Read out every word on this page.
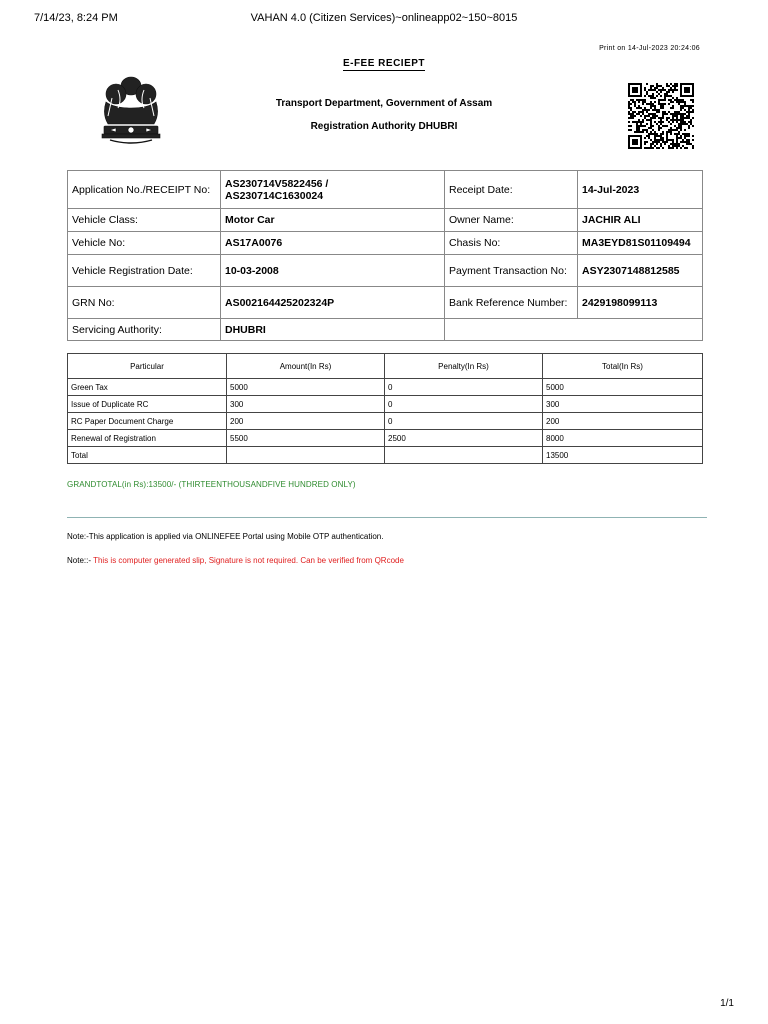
7/14/23, 8:24 PM	VAHAN 4.0 (Citizen Services)~onlineapp02~150~8015
Print on 14-Jul-2023 20:24:06
E-FEE RECIEPT
Transport Department, Government of Assam
Registration Authority DHUBRI
Application No./RECEIPT No:	AS230714V5822456 /
AS230714C1630024	Receipt Date:	14-Jul-2023
Vehicle Class:	Motor Car	Owner Name:	JACHIR ALI
Vehicle No:	AS17A0076	Chasis No:	MA3EYD81S01109494
Vehicle Registration Date:	10-03-2008	Payment Transaction No:	ASY2307148812585
GRN No:	AS002164425202324P	Bank Reference Number:	2429198099113
Servicing Authority:	DHUBRI		
Particular	Amount(In Rs)	Penalty(In Rs)	Total(In Rs)
Green Tax	5000	0	5000
Issue of Duplicate RC	300	0	300
RC Paper Document Charge	200	0	200
Renewal of Registration	5500	2500	8000
Total			13500
GRANDTOTAL(in Rs):13500/- (THIRTEENTHOUSANDFIVE HUNDRED ONLY)
Note:-This application is applied via ONLINEFEE Portal using Mobile OTP authentication.
Note::- This is computer generated slip, Signature is not required. Can be verified from QRcode
1/1
